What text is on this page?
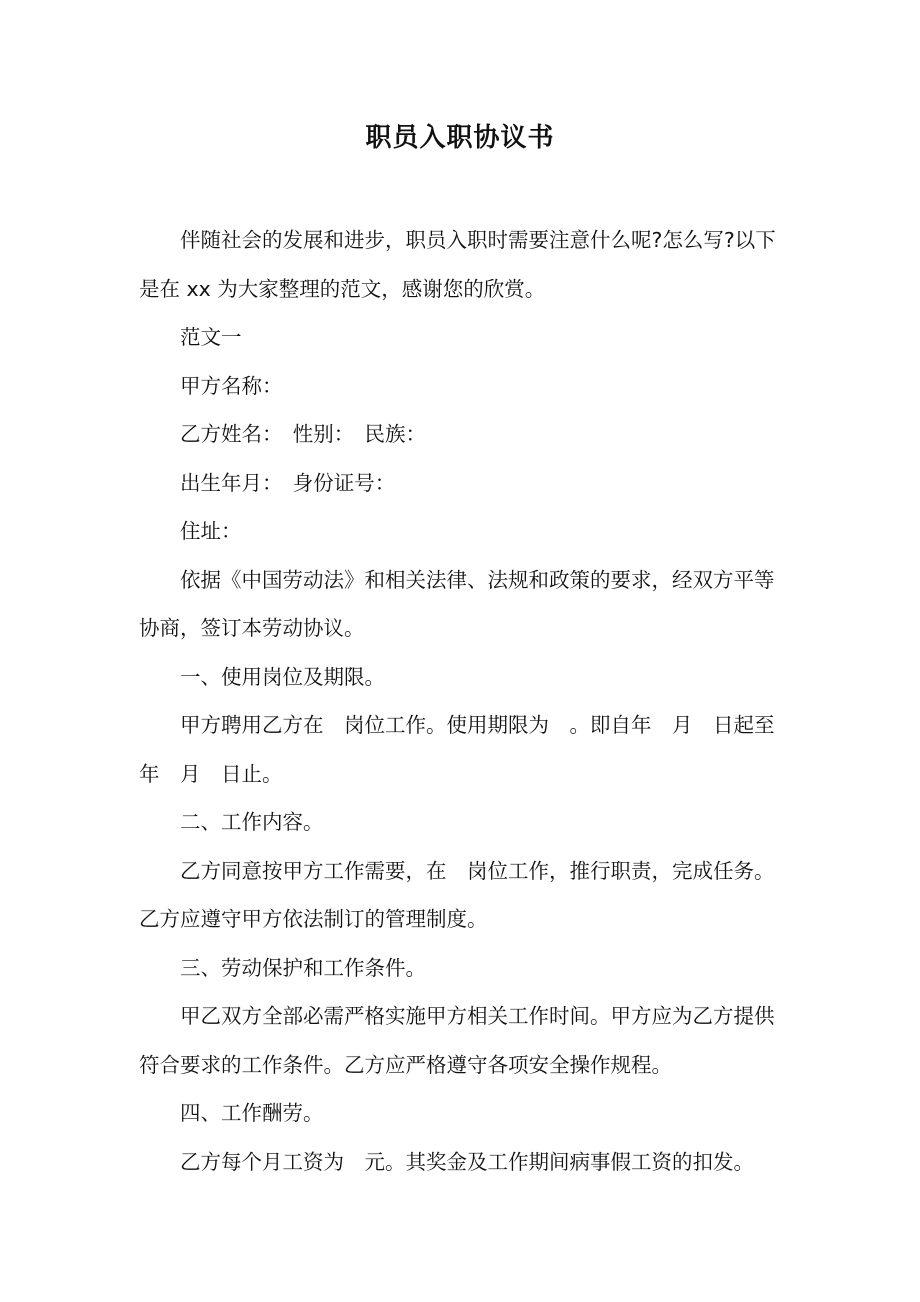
职员入职协议书

伴随社会的发展和进步，职员入职时需要注意什么呢?怎么写?以下是在 xx 为大家整理的范文，感谢您的欣赏。

范文一

甲方名称：

乙方姓名：　性别：　民族：

出生年月：　身份证号：

住址：

依据《中国劳动法》和相关法律、法规和政策的要求，经双方平等协商，签订本劳动协议。

一、使用岗位及期限。

甲方聘用乙方在　岗位工作。使用期限为　。即自年　月　日起至年　月　日止。

二、工作内容。

乙方同意按甲方工作需要，在　岗位工作，推行职责，完成任务。乙方应遵守甲方依法制订的管理制度。

三、劳动保护和工作条件。

甲乙双方全部必需严格实施甲方相关工作时间。甲方应为乙方提供符合要求的工作条件。乙方应严格遵守各项安全操作规程。

四、工作酬劳。

乙方每个月工资为　元。其奖金及工作期间病事假工资的扣发。
